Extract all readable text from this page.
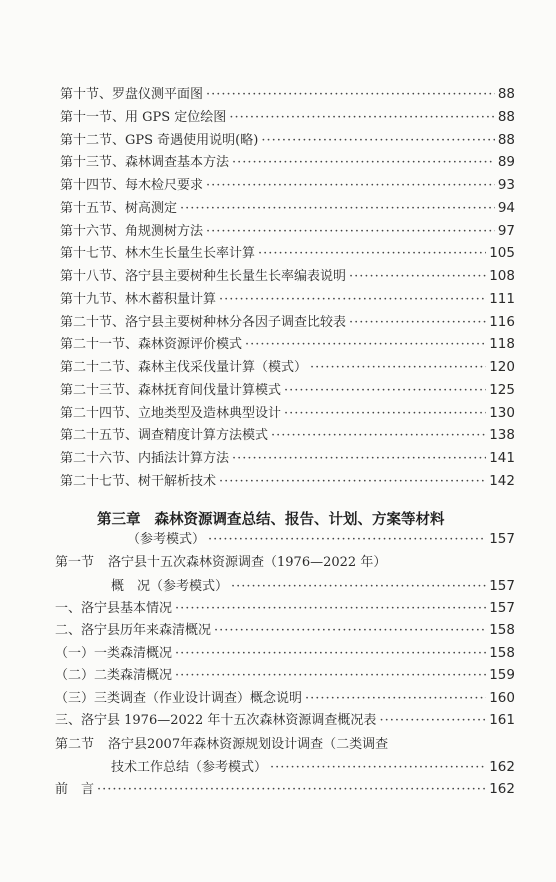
第十节、罗盘仪测平面图 ·····	88
第十一节、用 GPS 定位绘图 ·····	88
第十二节、GPS 奇遇使用说明(略) ·····	88
第十三节、森林调查基本方法 ·····	89
第十四节、每木检尺要求 ·····	93
第十五节、树高测定 ·····	94
第十六节、角规测树方法 ·····	97
第十七节、林木生长量生长率计算 ·····	105
第十八节、洛宁县主要树种生长量生长率编表说明 ·····	108
第十九节、林木蓄积量计算 ·····	111
第二十节、洛宁县主要树种林分各因子调查比较表 ·····	116
第二十一节、森林资源评价模式 ·····	118
第二十二节、森林主伐采伐量计算（模式） ·····	120
第二十三节、森林抚育间伐量计算模式 ·····	125
第二十四节、立地类型及造林典型设计 ·····	130
第二十五节、调查精度计算方法模式 ·····	138
第二十六节、内插法计算方法 ·····	141
第二十七节、树干解析技术 ·····	142
第三章 森林资源调查总结、报告、计划、方案等材料
（参考模式） ·····	157
第一节 洛宁县十五次森林资源调查（1976—2022 年）
概　况（参考模式） ·····	157
一、洛宁县基本情况 ·····	157
二、洛宁县历年来森清概况 ·····	158
（一）一类森清概况 ·····	158
（二）二类森清概况 ·····	159
（三）三类调查（作业设计调查）概念说明 ·····	160
三、洛宁县 1976—2022 年十五次森林资源调查概况表 ·····	161
第二节 洛宁县2007年森林资源规划设计调查（二类调查
技术工作总结（参考模式） ·····	162
前　言 ·····	162
